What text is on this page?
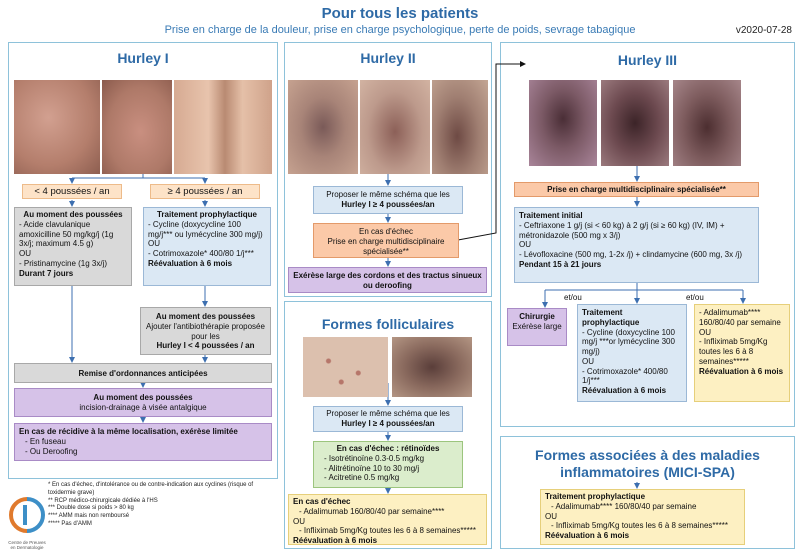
Pour tous les patients
Prise en charge de la douleur, prise en charge psychologique, perte de poids, sevrage tabagique	v2020-07-28
Hurley I
< 4 poussées / an	≥ 4 poussées / an
Au moment des poussées
- Acide clavulanique amoxicilline 50 mg/kg/j (1g 3x/j; maximum 4.5 g)
OU
- Pristinamycine (1g 3x/j)
Durant 7 jours
Traitement prophylactique
- Cycline (doxycycline 100 mg/j*** ou lymécycline 300 mg/j)
OU
- Cotrimoxazole* 400/80 1/j***
Réévaluation à 6 mois
Au moment des poussées
Ajouter l'antibiothérapie proposée pour les
Hurley I < 4 poussées / an
Remise d'ordonnances anticipées
Au moment des poussées
incision-drainage à visée antalgique
En cas de récidive à la même localisation, exérèse limitée
- En fuseau
- Ou Deroofing
* En cas d'échec, d'intolérance ou de contre-indication aux cyclines (risque of toxidermie grave)
** RCP médico-chirurgicale dédiée à l'HS
*** Double dose si poids > 80 kg
**** AMM mais non remboursé
***** Pas d'AMM
Centre de Preuves en Dermatologie
Hurley II
Proposer le même schéma que les
Hurley I ≥ 4 poussées/an
En cas d'échec
Prise en charge multidisciplinaire spécialisée**
Exérèse large des cordons et des tractus sinueux ou deroofing
Formes folliculaires
Proposer le même schéma que les
Hurley I ≥ 4 poussées/an
En cas d'échec : rétinoïdes
- Isotrétinoïne 0.3-0.5 mg/kg
- Alitrétinoïne 10 to 30 mg/j
- Acitretine 0.5 mg/kg
En cas d'échec
- Adalimumab 160/80/40 par semaine****
OU
- Infliximab 5mg/Kg toutes les 6 à 8 semaines*****
Réévaluation à 6 mois
Hurley III
Prise en charge multidisciplinaire spécialisée**
Traitement initial
- Ceftriaxone 1 g/j (si < 60 kg) à 2 g/j (si ≥ 60 kg) (IV, IM) + métronidazole (500 mg x 3/j)
OU
- Lévofloxacine (500 mg, 1-2x /j) + clindamycine (600 mg, 3x /j)
Pendant 15 à 21 jours
et/ou	et/ou
Chirurgie
Exérèse large
Traitement prophylactique
- Cycline (doxycycline 100 mg/j ***or lymécycline 300 mg/j)
OU
- Cotrimoxazole* 400/80 1/j***
Réévaluation à 6 mois
- Adalimumab**** 160/80/40 par semaine
OU
- Infliximab 5mg/Kg toutes les 6 à 8 semaines*****
Réévaluation à 6 mois
Formes associées à des maladies inflammatoires (MICI-SPA)
Traitement prophylactique
- Adalimumab**** 160/80/40 par semaine
OU
- Infliximab 5mg/Kg toutes les 6 à 8 semaines*****
Réévaluation à 6 mois
